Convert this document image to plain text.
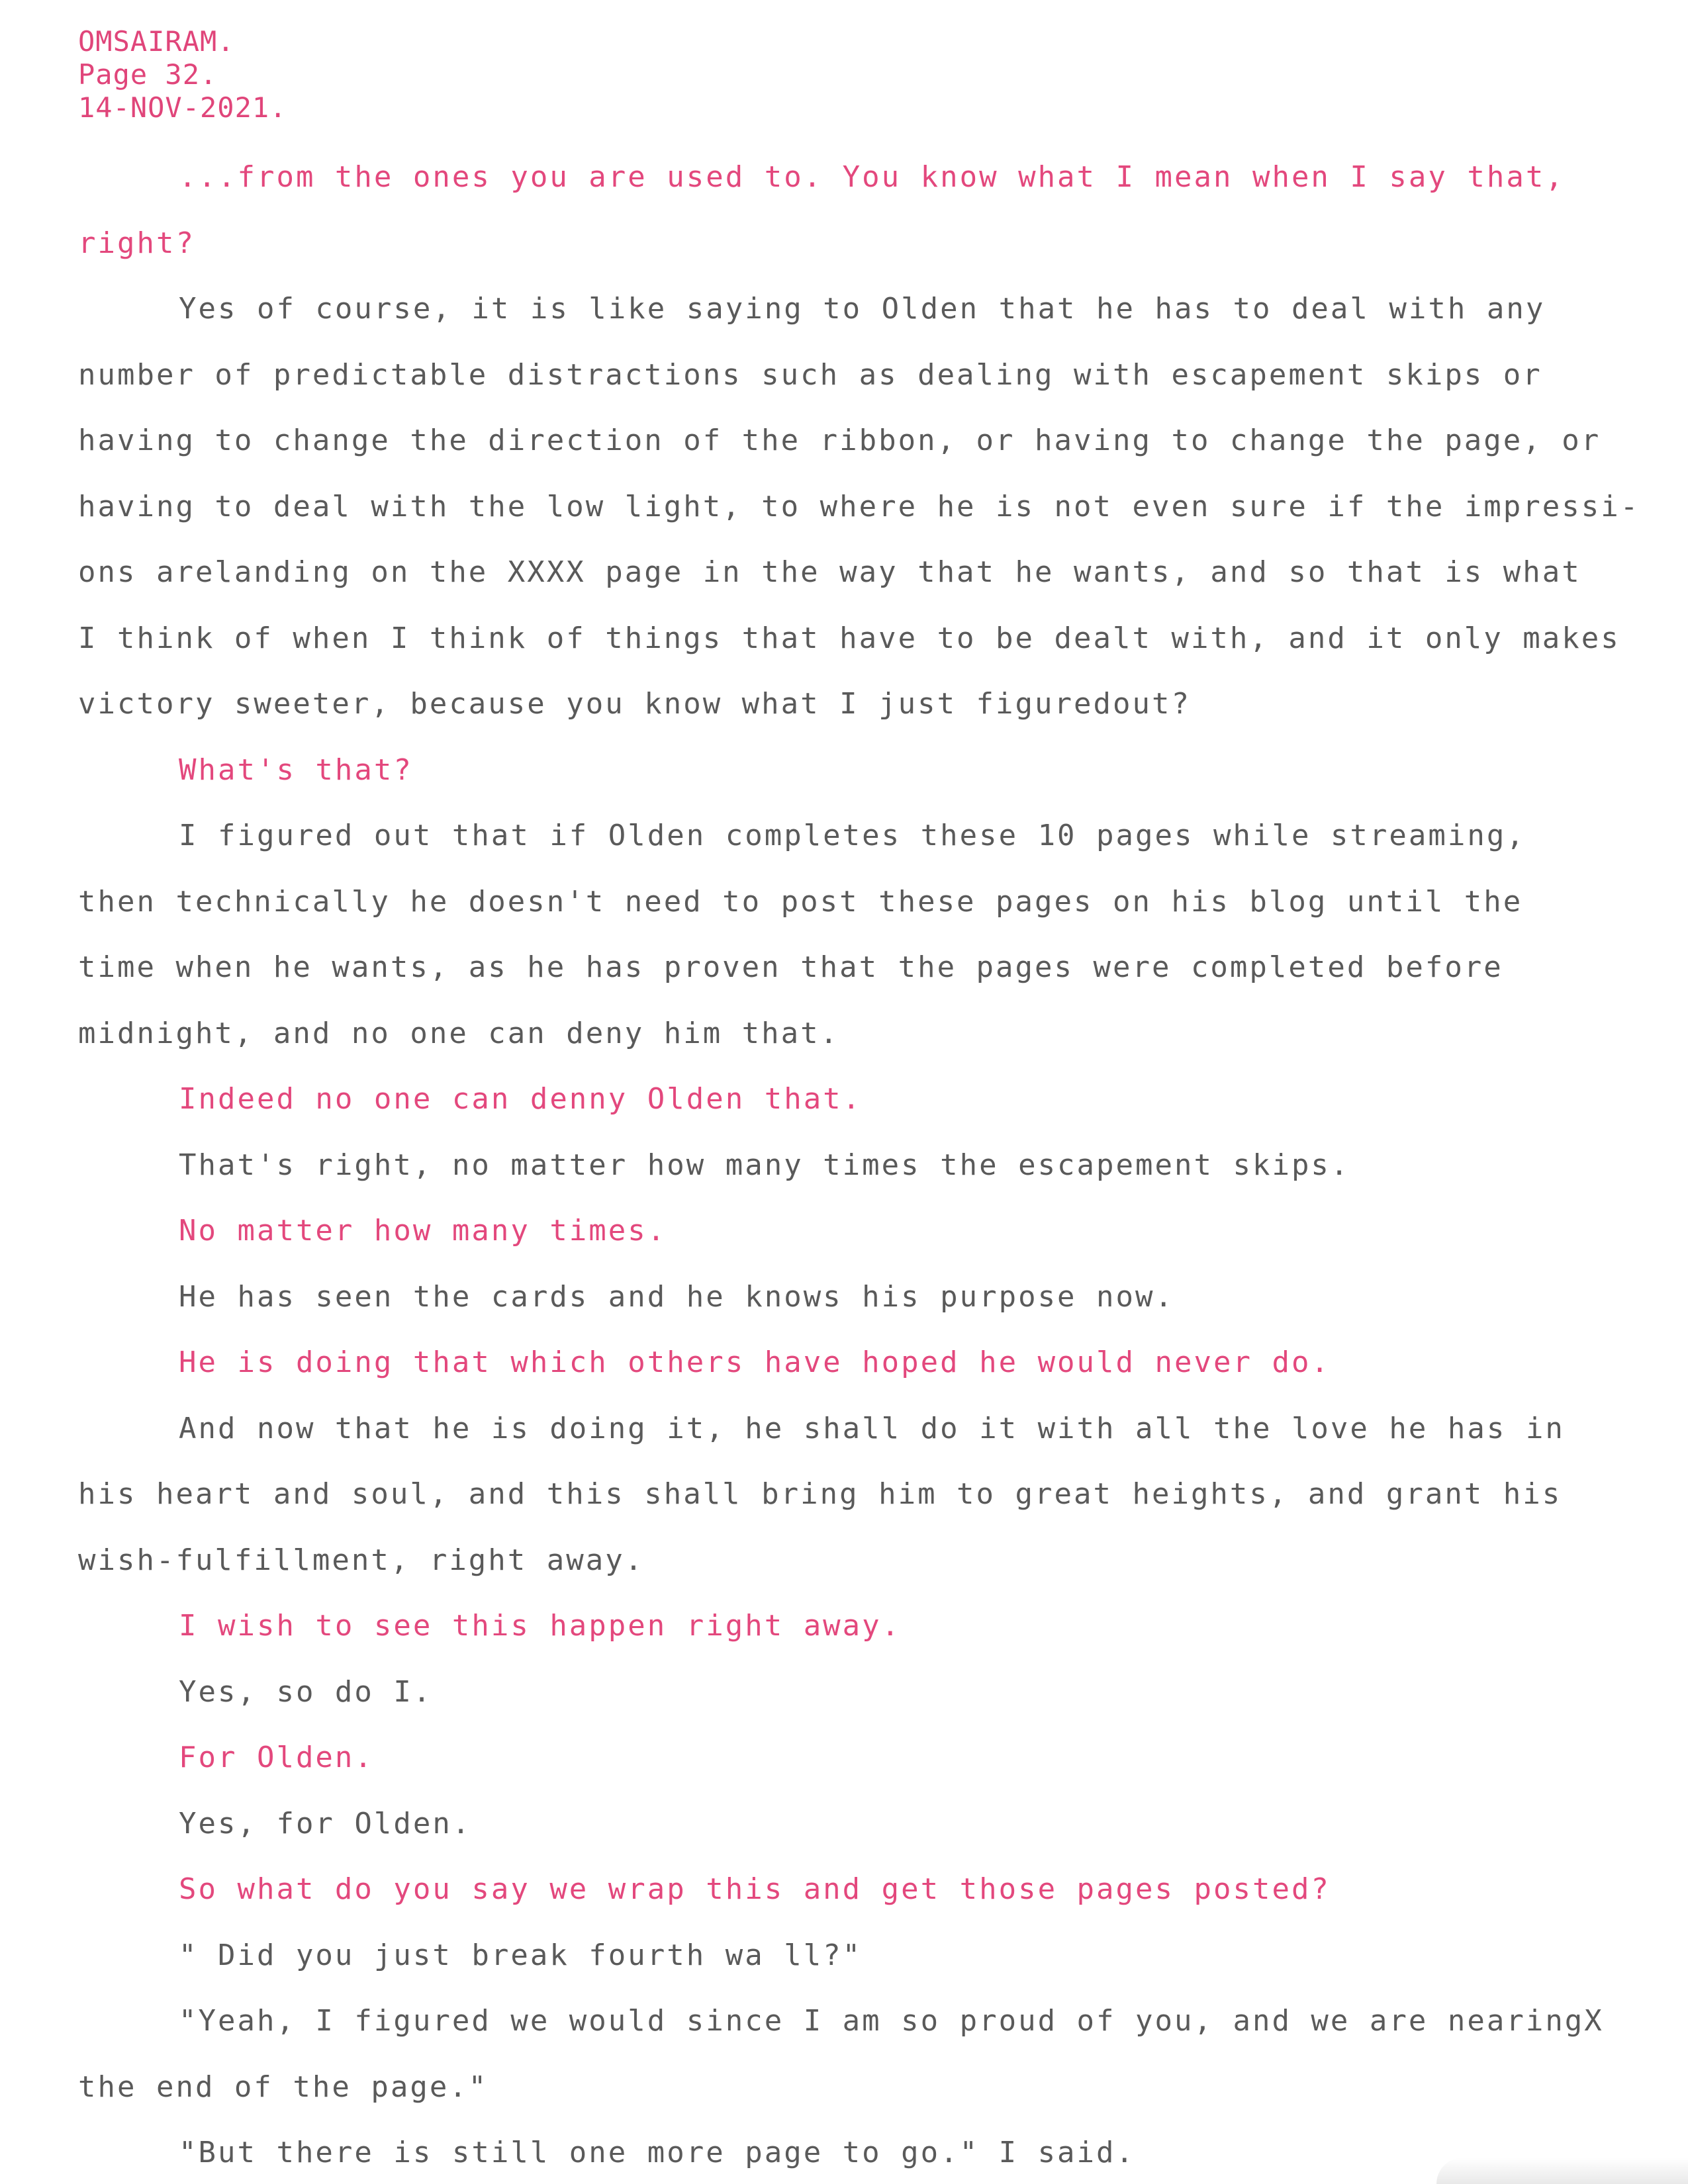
OMSAIRAM.
Page 32.
14-NOV-2021.
...from the ones you are used to. You know what I mean when I say that,
right?
Yes of course, it is like saying to Olden that he has to deal with any
number of predictable distractions such as dealing with escapement skips or
having to change the direction of the ribbon, or having to change the page, or
having to deal with the low light, to where he is not even sure if the impressi-
ons arelanding on the XXXX page in the way that he wants, and so that is what
I think of when I think of things that have to be dealt with, and it only makes
victory sweeter, because you know what I just figuredout?
What's that?
I figured out that if Olden completes these 10 pages while streaming,
then technically he doesn't need to post these pages on his blog until the
time when he wants, as he has proven that the pages were completed before
midnight, and no one can deny him that.
Indeed no one can denny Olden that.
That's right, no matter how many times the escapement skips.
No matter how many times.
He has seen the cards and he knows his purpose now.
He is doing that which others have hoped he would never do.
And now that he is doing it, he shall do it with all the love he has in
his heart and soul, and this shall bring him to great heights, and grant his
wish-fulfillment, right away.
I wish to see this happen right away.
Yes, so do I.
For Olden.
Yes, for Olden.
So what do you say we wrap this and get those pages posted?
" Did you just break fourth wa ll?"
"Yeah, I figured we would since I am so proud of you, and we are nearingX
the end of the page."
"But there is still one more page to go." I said.
